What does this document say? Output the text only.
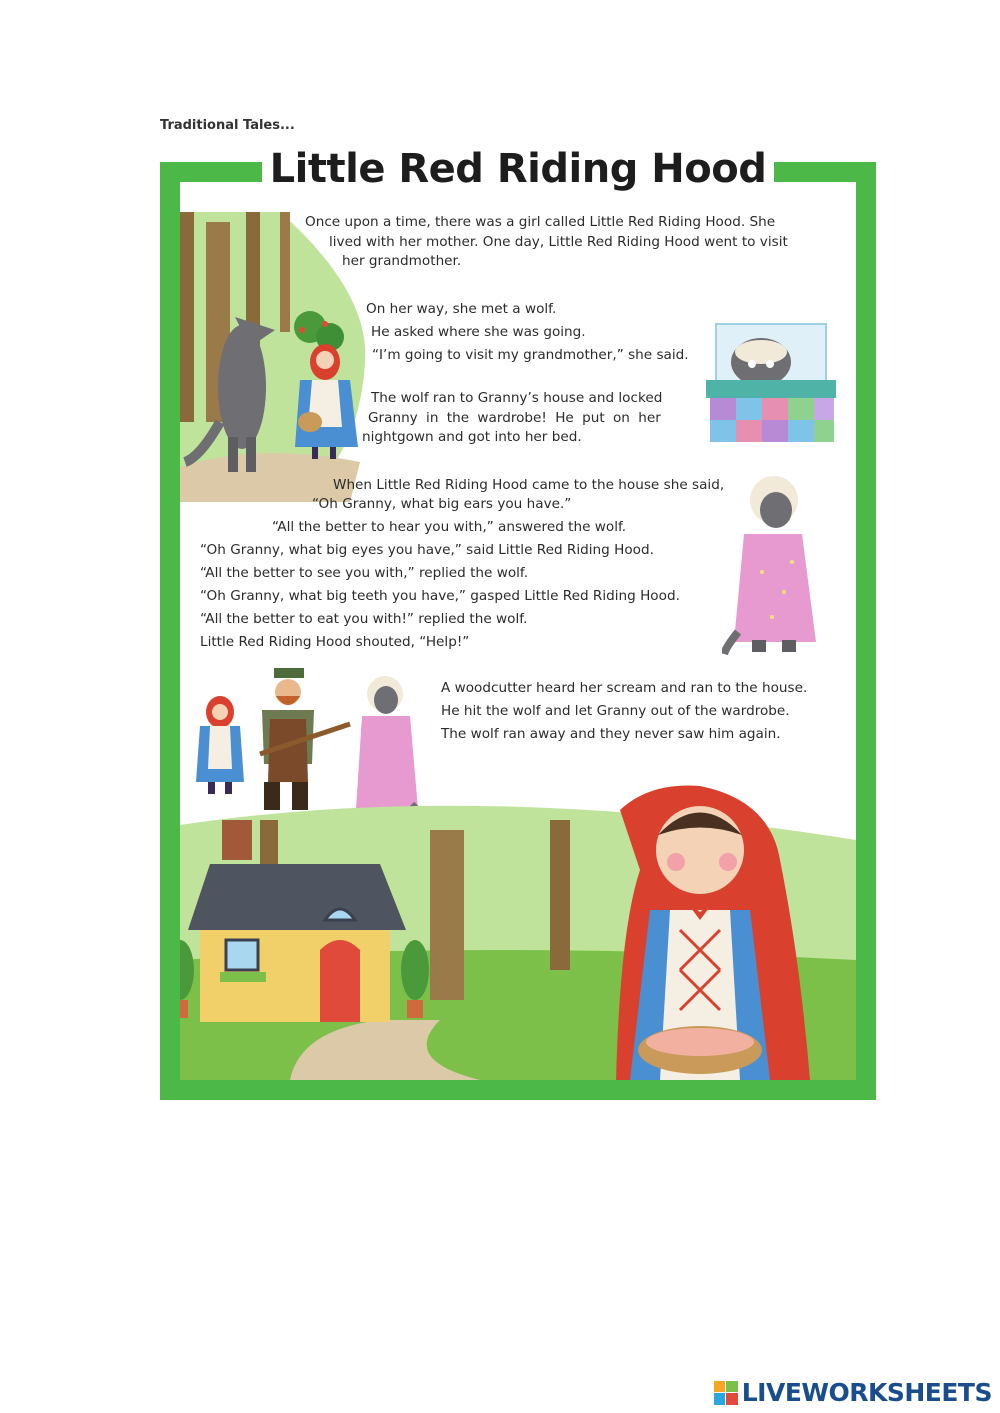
Traditional Tales...
Little Red Riding Hood
Once upon a time, there was a girl called Little Red Riding Hood. She
lived with her mother. One day, Little Red Riding Hood went to visit
her grandmother.
On her way, she met a wolf.
He asked where she was going.
“I’m going to visit my grandmother,” she said.
The wolf ran to Granny’s house and locked
Granny in the wardrobe! He put on her
nightgown and got into her bed.
When Little Red Riding Hood came to the house she said,
“Oh Granny, what big ears you have.”
“All the better to hear you with,” answered the wolf.
“Oh Granny, what big eyes you have,” said Little Red Riding Hood.
“All the better to see you with,” replied the wolf.
“Oh Granny, what big teeth you have,” gasped Little Red Riding Hood.
“All the better to eat you with!” replied the wolf.
Little Red Riding Hood shouted, “Help!”
A woodcutter heard her scream and ran to the house.
He hit the wolf and let Granny out of the wardrobe.
The wolf ran away and they never saw him again.
LIVEWORKSHEETS
